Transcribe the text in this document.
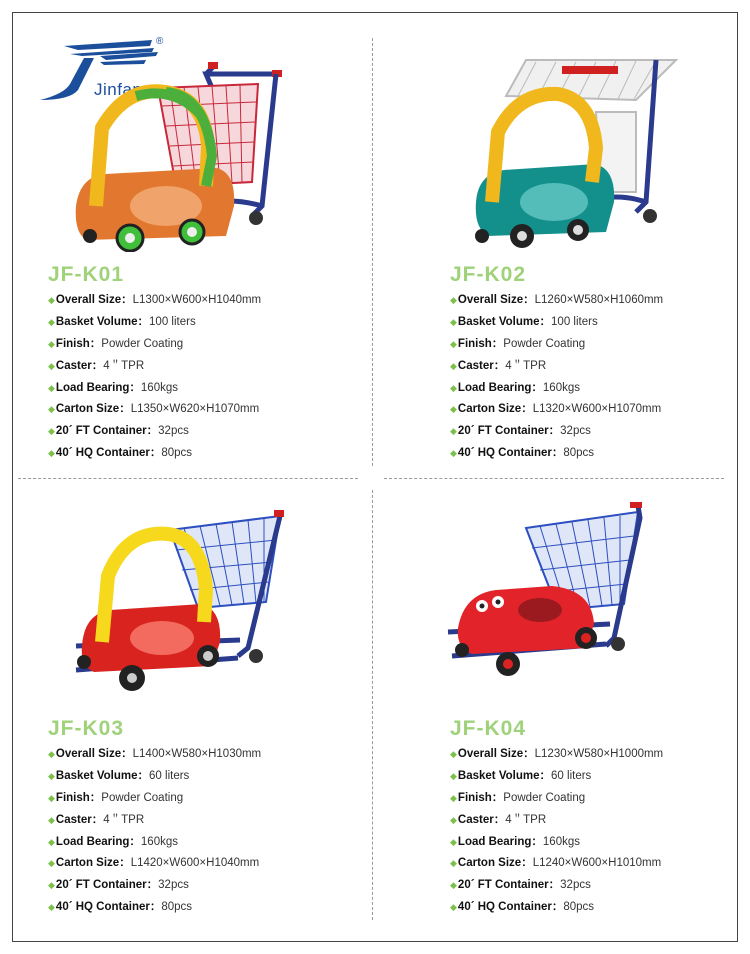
®
Jinfan
JF-K01
◆Overall Size：L1300×W600×H1040mm
◆Basket Volume：100 liters
◆Finish：Powder Coating
◆Caster：4＂TPR
◆Load Bearing：160kgs
◆Carton Size：L1350×W620×H1070mm
◆20´ FT Container：32pcs
◆40´ HQ Container：80pcs
JF-K02
◆Overall Size：L1260×W580×H1060mm
◆Basket Volume：100 liters
◆Finish：Powder Coating
◆Caster：4＂TPR
◆Load Bearing：160kgs
◆Carton Size：L1320×W600×H1070mm
◆20´ FT Container：32pcs
◆40´ HQ Container：80pcs
JF-K03
◆Overall Size：L1400×W580×H1030mm
◆Basket Volume：60 liters
◆Finish：Powder Coating
◆Caster：4＂TPR
◆Load Bearing：160kgs
◆Carton Size：L1420×W600×H1040mm
◆20´ FT Container：32pcs
◆40´ HQ Container：80pcs
JF-K04
◆Overall Size：L1230×W580×H1000mm
◆Basket Volume：60 liters
◆Finish：Powder Coating
◆Caster：4＂TPR
◆Load Bearing：160kgs
◆Carton Size：L1240×W600×H1010mm
◆20´ FT Container：32pcs
◆40´ HQ Container：80pcs
